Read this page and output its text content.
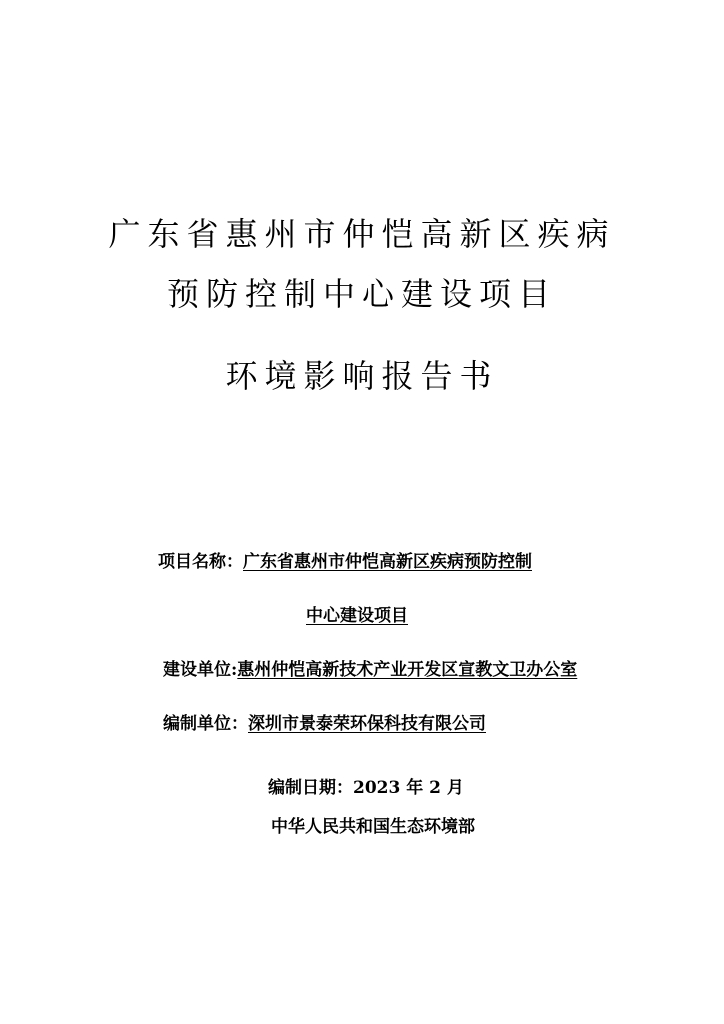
广东省惠州市仲恺高新区疾病
预防控制中心建设项目
环境影响报告书
项目名称：广东省惠州市仲恺高新区疾病预防控制
中心建设项目
建设单位:惠州仲恺高新技术产业开发区宣教文卫办公室
编制单位：深圳市景泰荣环保科技有限公司
编制日期：2023 年 2 月
中华人民共和国生态环境部
